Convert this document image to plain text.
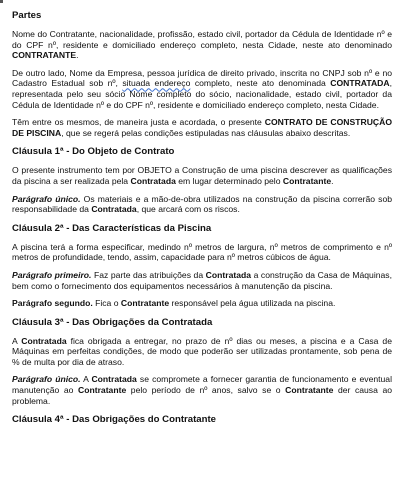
Partes

Nome do Contratante, nacionalidade, profissão, estado civil, portador da Cédula de Identidade nº e do CPF nº, residente e domiciliado endereço completo, nesta Cidade, neste ato denominado CONTRATANTE.

De outro lado, Nome da Empresa, pessoa jurídica de direito privado, inscrita no CNPJ sob nº e no Cadastro Estadual sob nº, situada endereço completo, neste ato denominada CONTRATADA, representada pelo seu sócio Nome completo do sócio, nacionalidade, estado civil, portador da Cédula de Identidade nº e do CPF nº, residente e domiciliado endereço completo, nesta Cidade.

Têm entre os mesmos, de maneira justa e acordada, o presente CONTRATO DE CONSTRUÇÃO DE PISCINA, que se regerá pelas condições estipuladas nas cláusulas abaixo descritas.

Cláusula 1ª - Do Objeto de Contrato

O presente instrumento tem por OBJETO a Construção de uma piscina descrever as qualificações da piscina a ser realizada pela Contratada em lugar determinado pelo Contratante.

Parágrafo único. Os materiais e a mão-de-obra utilizados na construção da piscina correrão sob responsabilidade da Contratada, que arcará com os riscos.

Cláusula 2ª - Das Características da Piscina

A piscina terá a forma especificar, medindo nº metros de largura, nº metros de comprimento e nº metros de profundidade, tendo, assim, capacidade para nº metros cúbicos de água.

Parágrafo primeiro. Faz parte das atribuições da Contratada a construção da Casa de Máquinas, bem como o fornecimento dos equipamentos necessários à manutenção da piscina.

Parágrafo segundo. Fica o Contratante responsável pela água utilizada na piscina.

Cláusula 3ª - Das Obrigações da Contratada

A Contratada fica obrigada a entregar, no prazo de nº dias ou meses, a piscina e a Casa de Máquinas em perfeitas condições, de modo que poderão ser utilizadas prontamente, sob pena de % de multa por dia de atraso.

Parágrafo único. A Contratada se compromete a fornecer garantia de funcionamento e eventual manutenção ao Contratante pelo período de nº anos, salvo se o Contratante der causa ao problema.

Cláusula 4ª - Das Obrigações do Contratante
